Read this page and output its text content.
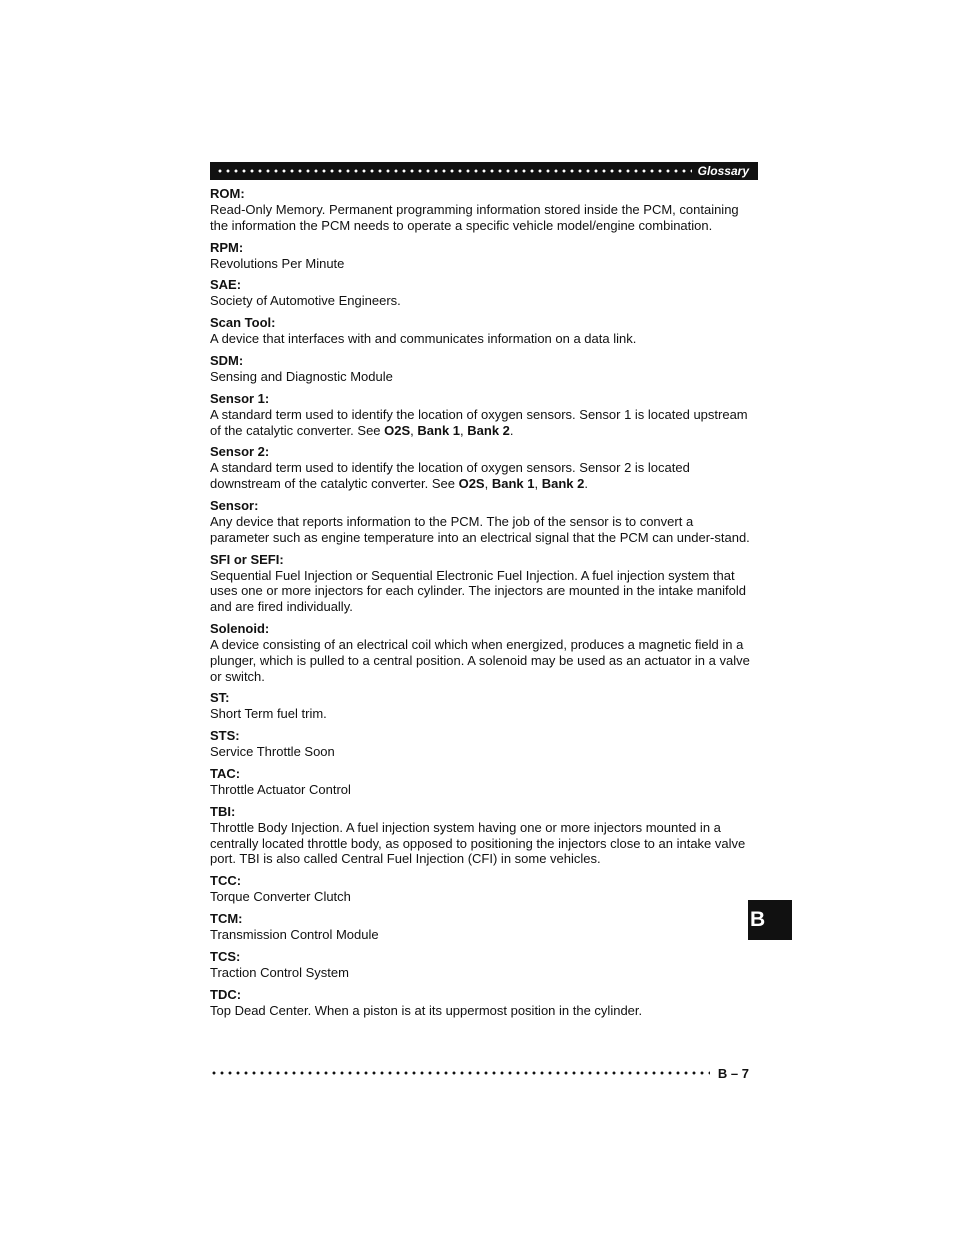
Glossary
ROM:
Read-Only Memory. Permanent programming information stored inside the PCM, containing the information the PCM needs to operate a specific vehicle model/engine combination.
RPM:
Revolutions Per Minute
SAE:
Society of Automotive Engineers.
Scan Tool:
A device that interfaces with and communicates information on a data link.
SDM:
Sensing and Diagnostic Module
Sensor 1:
A standard term used to identify the location of oxygen sensors. Sensor 1 is located upstream of the catalytic converter. See O2S, Bank 1, Bank 2.
Sensor 2:
A standard term used to identify the location of oxygen sensors. Sensor 2 is located downstream of the catalytic converter. See O2S, Bank 1, Bank 2.
Sensor:
Any device that reports information to the PCM. The job of the sensor is to convert a parameter such as engine temperature into an electrical signal that the PCM can under-stand.
SFI or SEFI:
Sequential Fuel Injection or Sequential Electronic Fuel Injection. A fuel injection system that uses one or more injectors for each cylinder. The injectors are mounted in the intake manifold and are fired individually.
Solenoid:
A device consisting of an electrical coil which when energized, produces a magnetic field in a plunger, which is pulled to a central position. A solenoid may be used as an actuator in a valve or switch.
ST:
Short Term fuel trim.
STS:
Service Throttle Soon
TAC:
Throttle Actuator Control
TBI:
Throttle Body Injection. A fuel injection system having one or more injectors mounted in a centrally located throttle body, as opposed to positioning the injectors close to an intake valve port. TBI is also called Central Fuel Injection (CFI) in some vehicles.
TCC:
Torque Converter Clutch
TCM:
Transmission Control Module
TCS:
Traction Control System
TDC:
Top Dead Center. When a piston is at its uppermost position in the cylinder.
B
B – 7
